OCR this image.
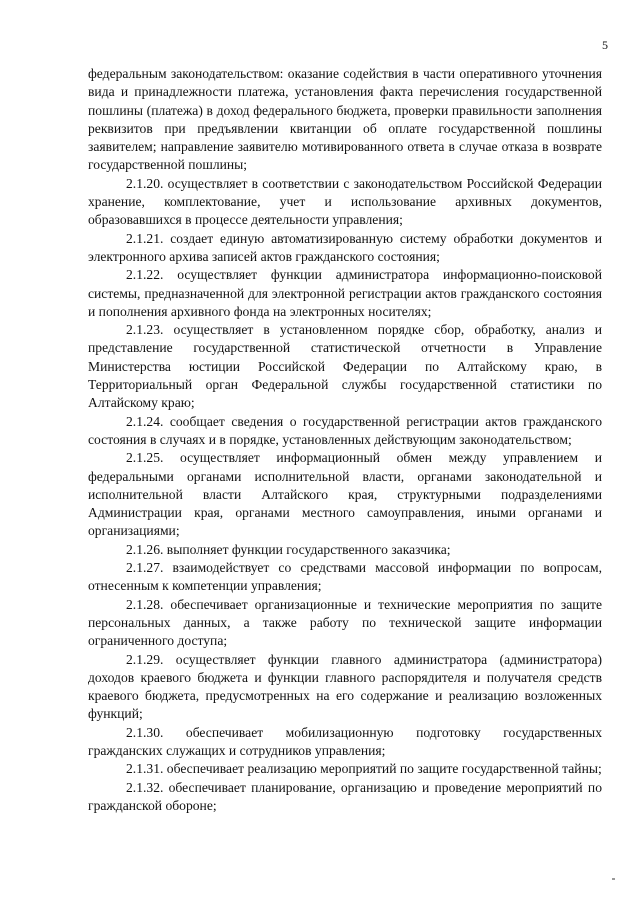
5

федеральным законодательством: оказание содействия в части оперативного уточнения вида и принадлежности платежа, установления факта перечисления государственной пошлины (платежа) в доход федерального бюджета, проверки правильности заполнения реквизитов при предъявлении квитанции об оплате государственной пошлины заявителем; направление заявителю мотивированного ответа в случае отказа в возврате государственной пошлины;

2.1.20. осуществляет в соответствии с законодательством Российской Федерации хранение, комплектование, учет и использование архивных документов, образовавшихся в процессе деятельности управления;

2.1.21. создает единую автоматизированную систему обработки документов и электронного архива записей актов гражданского состояния;

2.1.22. осуществляет функции администратора информационно-поисковой системы, предназначенной для электронной регистрации актов гражданского состояния и пополнения архивного фонда на электронных носителях;

2.1.23. осуществляет в установленном порядке сбор, обработку, анализ и представление государственной статистической отчетности в Управление Министерства юстиции Российской Федерации по Алтайскому краю, в Территориальный орган Федеральной службы государственной статистики по Алтайскому краю;

2.1.24. сообщает сведения о государственной регистрации актов гражданского состояния в случаях и в порядке, установленных действующим законодательством;

2.1.25. осуществляет информационный обмен между управлением и федеральными органами исполнительной власти, органами законодательной и исполнительной власти Алтайского края, структурными подразделениями Администрации края, органами местного самоуправления, иными органами и организациями;

2.1.26. выполняет функции государственного заказчика;

2.1.27. взаимодействует со средствами массовой информации по вопросам, отнесенным к компетенции управления;

2.1.28. обеспечивает организационные и технические мероприятия по защите персональных данных, а также работу по технической защите информации ограниченного доступа;

2.1.29. осуществляет функции главного администратора (администратора) доходов краевого бюджета и функции главного распорядителя и получателя средств краевого бюджета, предусмотренных на его содержание и реализацию возложенных функций;

2.1.30. обеспечивает мобилизационную подготовку государственных гражданских служащих и сотрудников управления;

2.1.31. обеспечивает реализацию мероприятий по защите государственной тайны;

2.1.32. обеспечивает планирование, организацию и проведение мероприятий по гражданской обороне;
